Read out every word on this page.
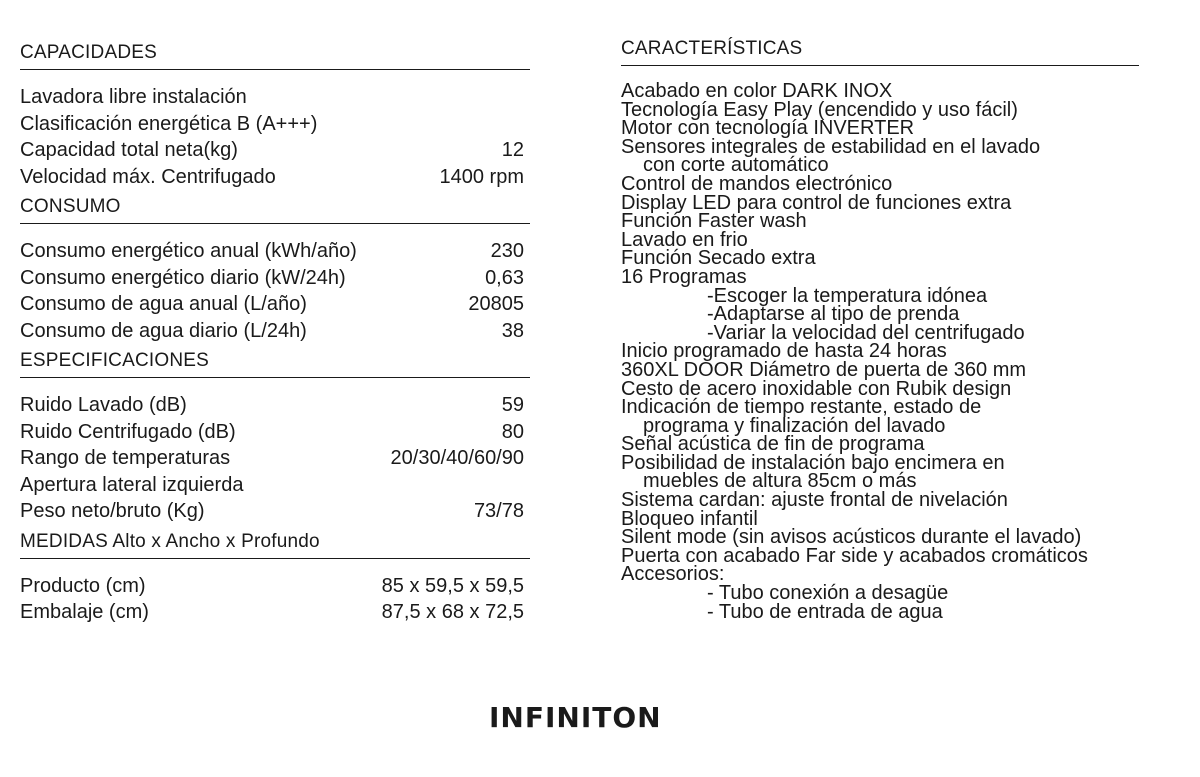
CAPACIDADES
Lavadora libre instalación
Clasificación energética B (A+++)
Capacidad total neta(kg)	12
Velocidad máx. Centrifugado	1400 rpm
CONSUMO
Consumo energético anual (kWh/año)	230
Consumo energético diario (kW/24h)	0,63
Consumo de agua anual (L/año)	20805
Consumo de agua diario (L/24h)	38
ESPECIFICACIONES
Ruido Lavado (dB)	59
Ruido Centrifugado (dB)	80
Rango de temperaturas	20/30/40/60/90
Apertura lateral izquierda
Peso neto/bruto (Kg)	73/78
MEDIDAS Alto x Ancho x Profundo
Producto (cm)	85 x 59,5 x 59,5
Embalaje (cm)	87,5 x 68 x 72,5
CARACTERÍSTICAS
Acabado en color DARK INOX
Tecnología Easy Play (encendido y uso fácil)
Motor con tecnología INVERTER
Sensores integrales de estabilidad en el lavado
con corte automático
Control de mandos electrónico
Display LED para control de funciones extra
Función Faster wash
Lavado en frio
Función Secado extra
16 Programas
-Escoger la temperatura idónea
-Adaptarse al tipo de prenda
-Variar la velocidad del centrifugado
Inicio programado de hasta 24 horas
360XL DOOR Diámetro de puerta de 360 mm
Cesto de acero inoxidable con Rubik design
Indicación de tiempo restante, estado de
programa y finalización del lavado
Señal acústica de fin de programa
Posibilidad de instalación bajo encimera en
muebles de altura 85cm o más
Sistema cardan: ajuste frontal de nivelación
Bloqueo infantil
Silent mode (sin avisos acústicos durante el lavado)
Puerta con acabado Far side y acabados cromáticos
Accesorios:
- Tubo conexión a desagüe
- Tubo de entrada de agua
INFINITON
